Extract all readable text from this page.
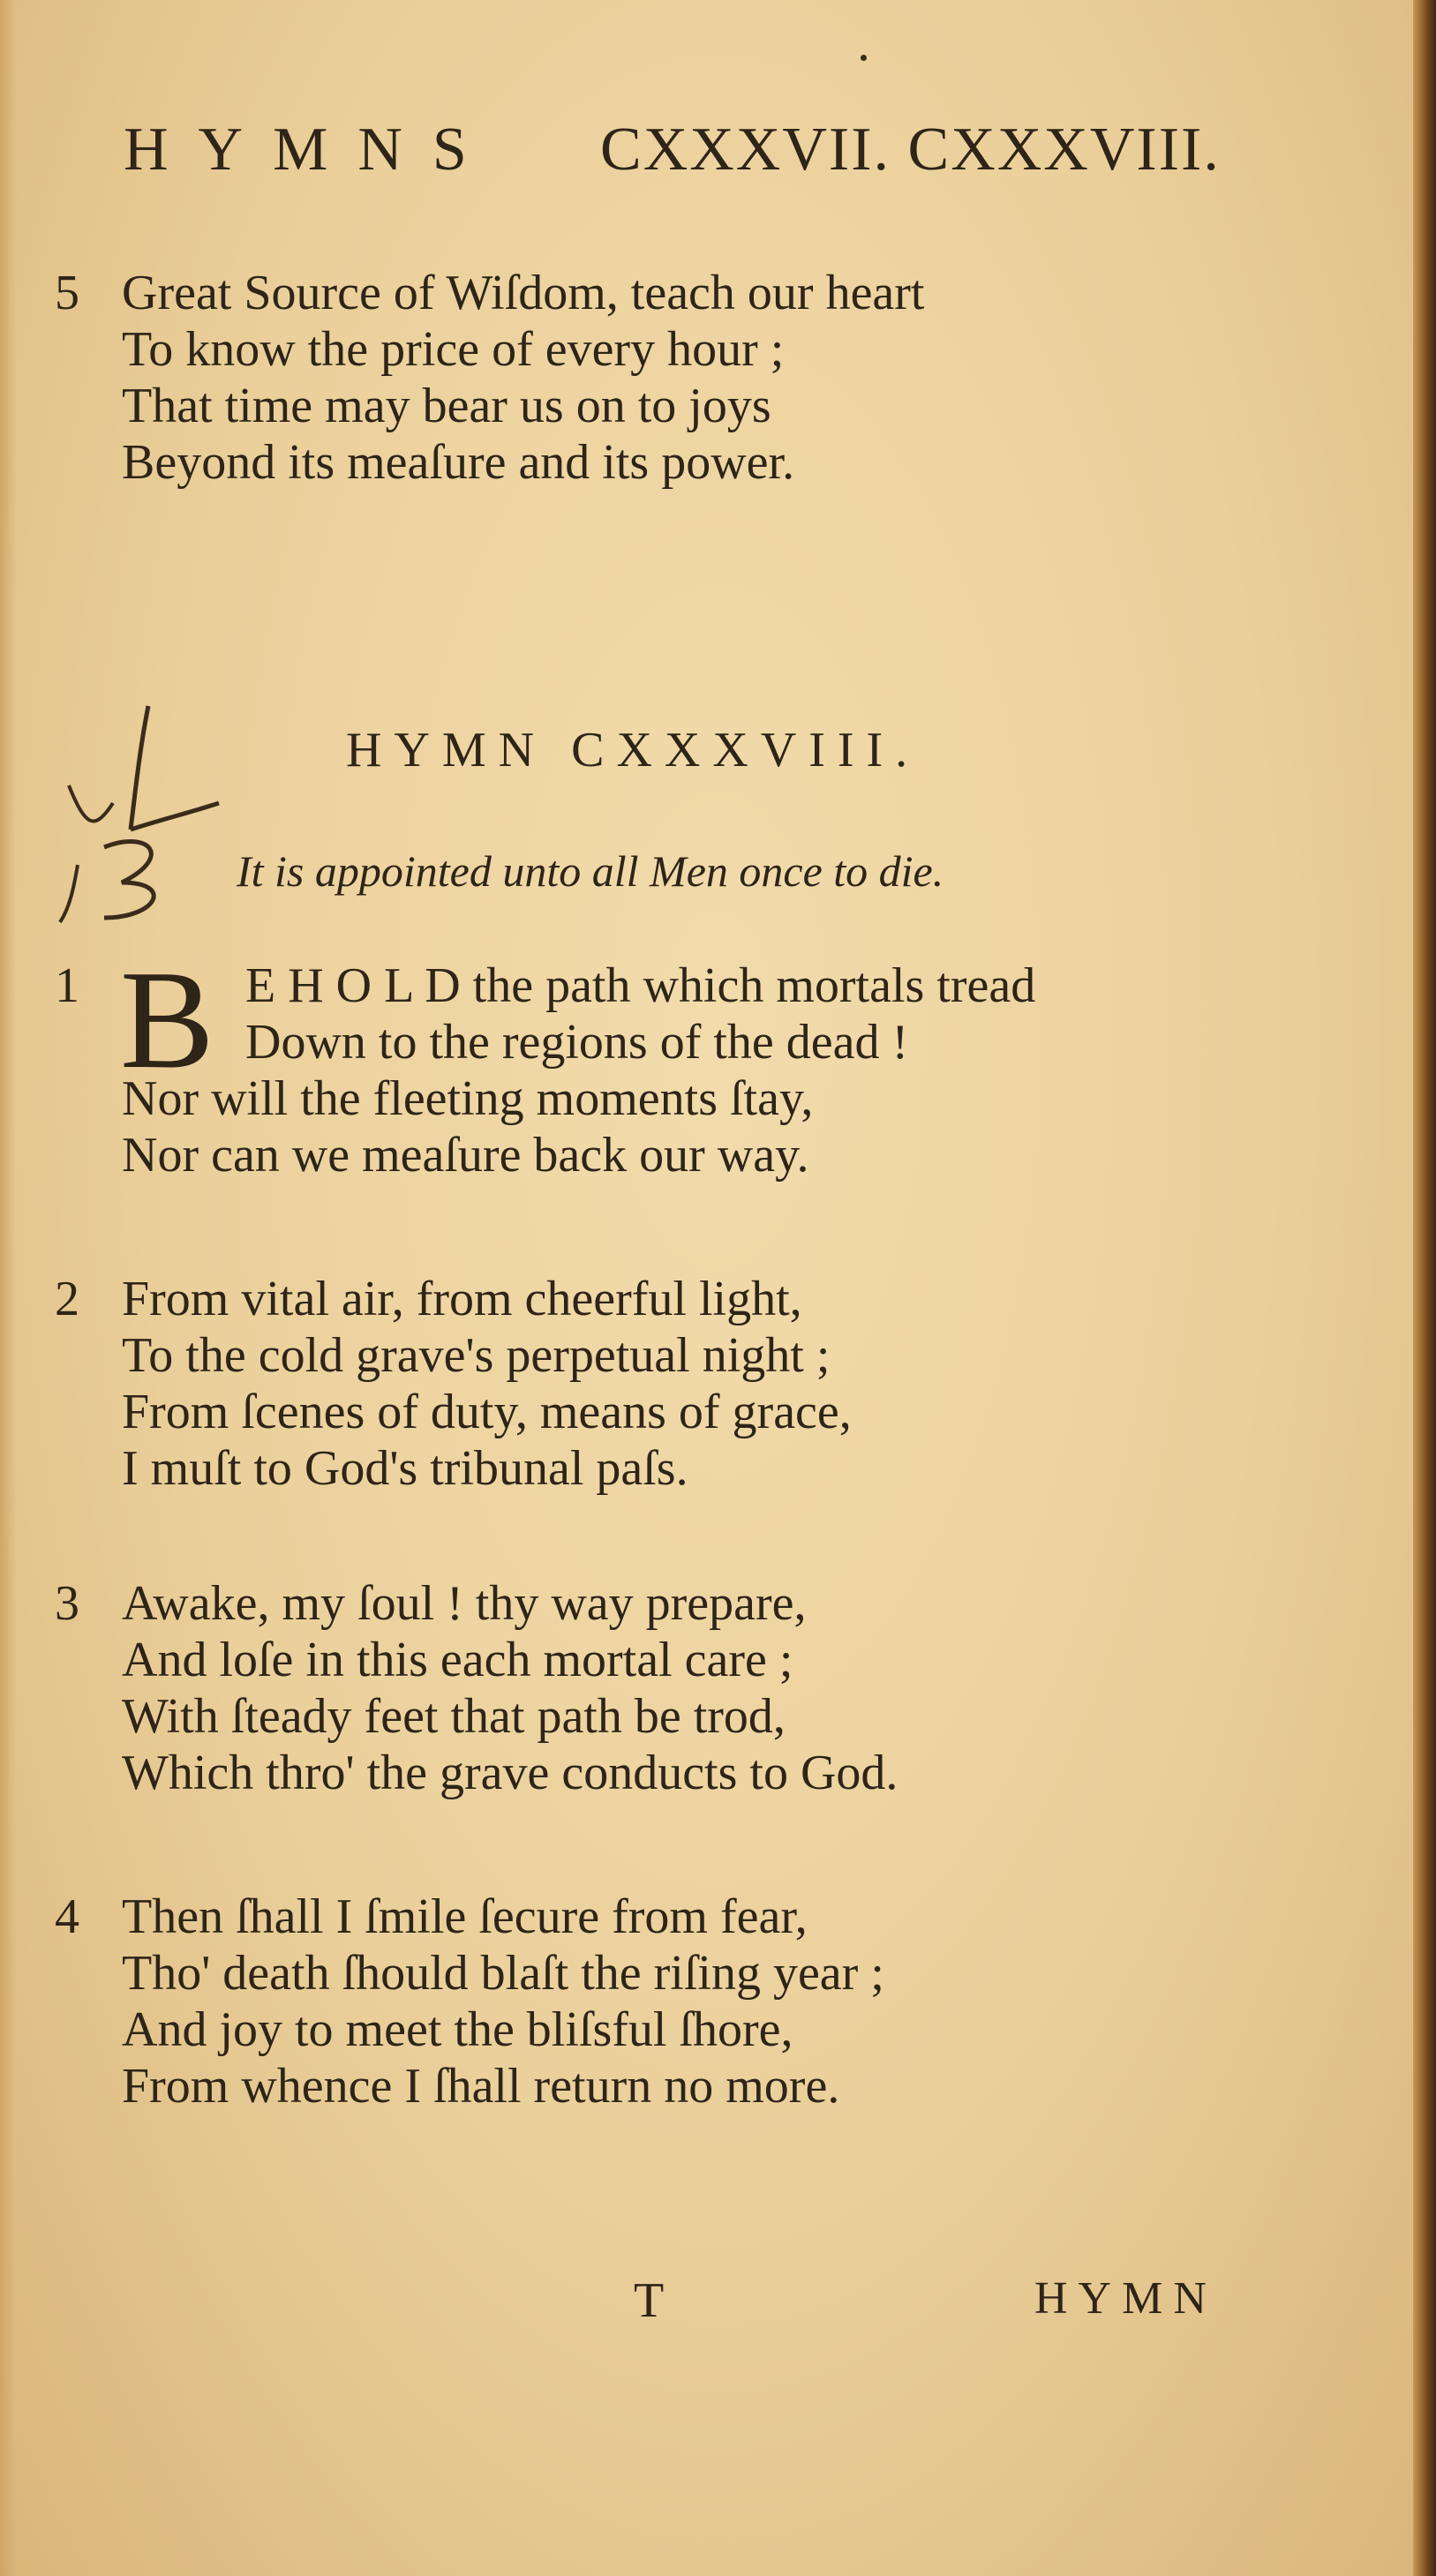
HYMNS CXXXVII. CXXXVIII.
5 Great Source of Wiſdom, teach our heart
To know the price of every hour ;
That time may bear us on to joys
Beyond its meaſure and its power.
HYMN CXXXVIII.
It is appointed unto all Men once to die.
1	E H O L D the path which mortals tread
Down to the regions of the dead !
Nor will the fleeting moments ſtay,
Nor can we meaſure back our way.
B
2 From vital air, from cheerful light,
To the cold grave's perpetual night ;
From ſcenes of duty, means of grace,
I muſt to God's tribunal paſs.
3 Awake, my ſoul ! thy way prepare,
And loſe in this each mortal care ;
With ſteady feet that path be trod,
Which thro' the grave conducts to God.
4 Then ſhall I ſmile ſecure from fear,
Tho' death ſhould blaſt the riſing year ;
And joy to meet the bliſsful ſhore,
From whence I ſhall return no more.
T	HYMN
